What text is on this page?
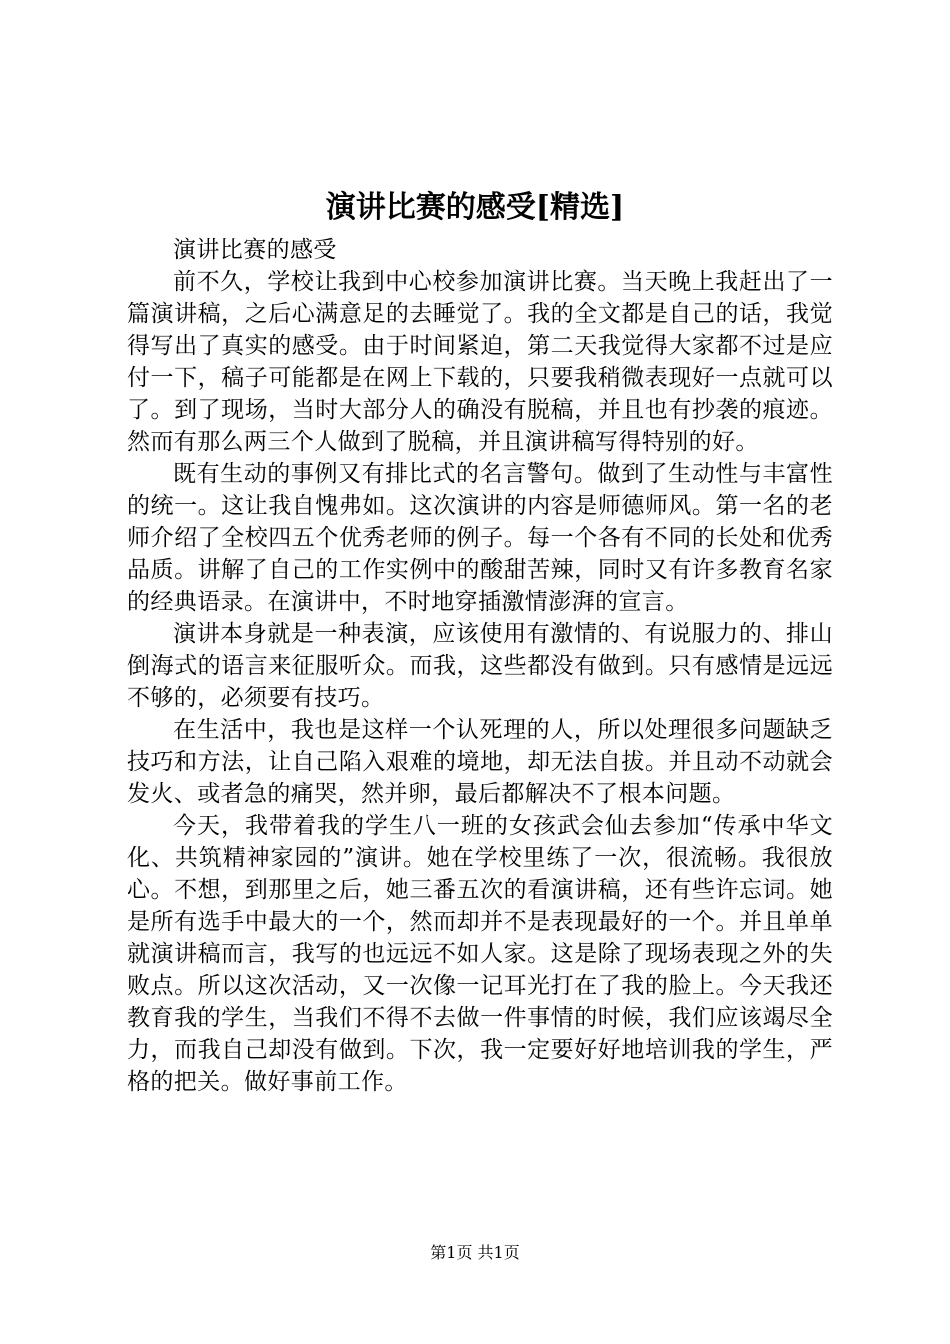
演讲比赛的感受[精选]

演讲比赛的感受

前不久，学校让我到中心校参加演讲比赛。当天晚上我赶出了一篇演讲稿，之后心满意足的去睡觉了。我的全文都是自己的话，我觉得写出了真实的感受。由于时间紧迫，第二天我觉得大家都不过是应付一下，稿子可能都是在网上下载的，只要我稍微表现好一点就可以了。到了现场，当时大部分人的确没有脱稿，并且也有抄袭的痕迹。然而有那么两三个人做到了脱稿，并且演讲稿写得特别的好。

既有生动的事例又有排比式的名言警句。做到了生动性与丰富性的统一。这让我自愧弗如。这次演讲的内容是师德师风。第一名的老师介绍了全校四五个优秀老师的例子。每一个各有不同的长处和优秀品质。讲解了自己的工作实例中的酸甜苦辣，同时又有许多教育名家的经典语录。在演讲中，不时地穿插激情澎湃的宣言。

演讲本身就是一种表演，应该使用有激情的、有说服力的、排山倒海式的语言来征服听众。而我，这些都没有做到。只有感情是远远不够的，必须要有技巧。

在生活中，我也是这样一个认死理的人，所以处理很多问题缺乏技巧和方法，让自己陷入艰难的境地，却无法自拔。并且动不动就会发火、或者急的痛哭，然并卵，最后都解决不了根本问题。

今天，我带着我的学生八一班的女孩武会仙去参加“传承中华文化、共筑精神家园的”演讲。她在学校里练了一次，很流畅。我很放心。不想，到那里之后，她三番五次的看演讲稿，还有些许忘词。她是所有选手中最大的一个，然而却并不是表现最好的一个。并且单单就演讲稿而言，我写的也远远不如人家。这是除了现场表现之外的失败点。所以这次活动，又一次像一记耳光打在了我的脸上。今天我还教育我的学生，当我们不得不去做一件事情的时候，我们应该竭尽全力，而我自己却没有做到。下次，我一定要好好地培训我的学生，严格的把关。做好事前工作。

第1页 共1页
